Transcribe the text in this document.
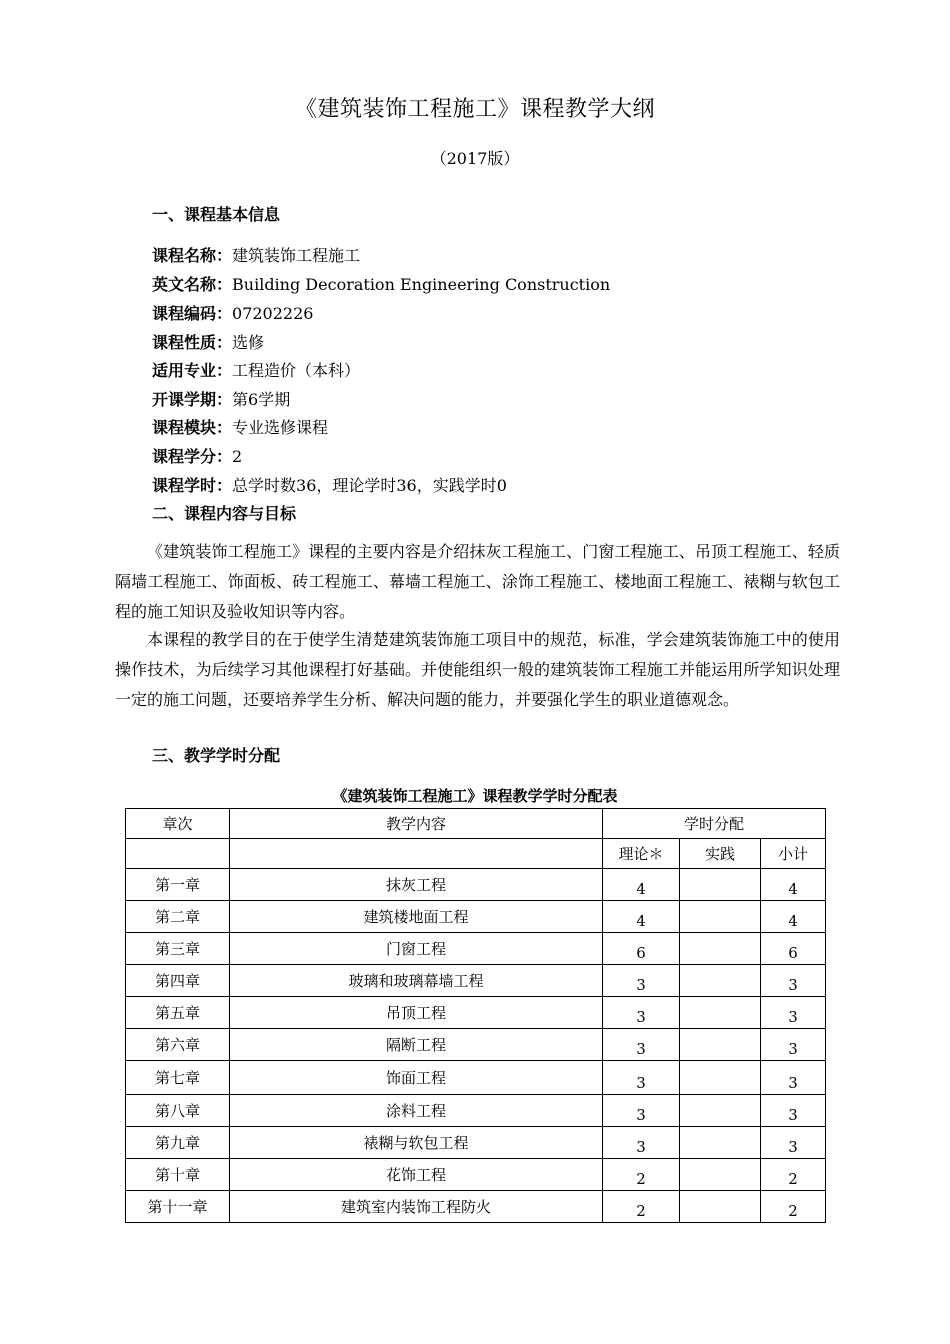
《建筑装饰工程施工》课程教学大纲
（2017版）
一、课程基本信息
课程名称：建筑装饰工程施工
英文名称：Building Decoration Engineering Construction
课程编码：07202226
课程性质：选修
适用专业：工程造价（本科）
开课学期：第6学期
课程模块：专业选修课程
课程学分：2
课程学时：总学时数36，理论学时36，实践学时0
二、课程内容与目标
《建筑装饰工程施工》课程的主要内容是介绍抹灰工程施工、门窗工程施工、吊顶工程施工、轻质隔墙工程施工、饰面板、砖工程施工、幕墙工程施工、涂饰工程施工、楼地面工程施工、裱糊与软包工程的施工知识及验收知识等内容。
本课程的教学目的在于使学生清楚建筑装饰施工项目中的规范，标准，学会建筑装饰施工中的使用操作技术，为后续学习其他课程打好基础。并使能组织一般的建筑装饰工程施工并能运用所学知识处理一定的施工问题，还要培养学生分析、解决问题的能力，并要强化学生的职业道德观念。
三、教学学时分配
《建筑装饰工程施工》课程教学学时分配表
章次	教学内容	学时分配		
		理论＊	实践	小计
第一章	抹灰工程	4		4
第二章	建筑楼地面工程	4		4
第三章	门窗工程	6		6
第四章	玻璃和玻璃幕墙工程	3		3
第五章	吊顶工程	3		3
第六章	隔断工程	3		3
第七章	饰面工程	3		3
第八章	涂料工程	3		3
第九章	裱糊与软包工程	3		3
第十章	花饰工程	2		2
第十一章	建筑室内装饰工程防火	2		2
